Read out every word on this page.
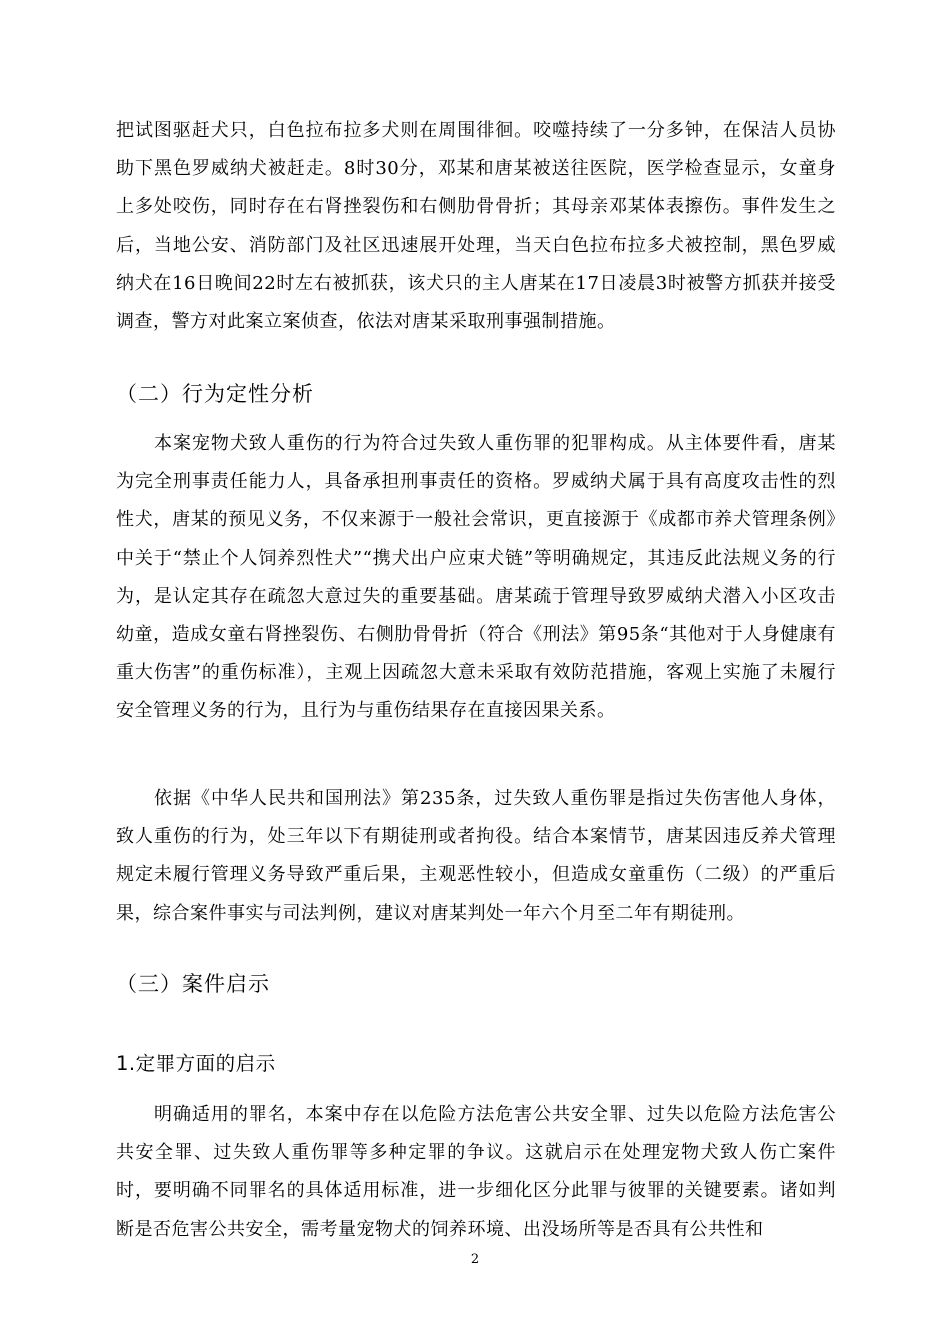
把试图驱赶犬只，白色拉布拉多犬则在周围徘徊。咬噬持续了一分多钟，在保洁人员协助下黑色罗威纳犬被赶走。8时30分，邓某和唐某被送往医院，医学检查显示，女童身上多处咬伤，同时存在右肾挫裂伤和右侧肋骨骨折；其母亲邓某体表擦伤。事件发生之后，当地公安、消防部门及社区迅速展开处理，当天白色拉布拉多犬被控制，黑色罗威纳犬在16日晚间22时左右被抓获，该犬只的主人唐某在17日凌晨3时被警方抓获并接受调查，警方对此案立案侦查，依法对唐某采取刑事强制措施。

（二）行为定性分析

本案宠物犬致人重伤的行为符合过失致人重伤罪的犯罪构成。从主体要件看，唐某为完全刑事责任能力人，具备承担刑事责任的资格。罗威纳犬属于具有高度攻击性的烈性犬，唐某的预见义务，不仅来源于一般社会常识，更直接源于《成都市养犬管理条例》中关于“禁止个人饲养烈性犬”“携犬出户应束犬链”等明确规定，其违反此法规义务的行为，是认定其存在疏忽大意过失的重要基础。唐某疏于管理导致罗威纳犬潜入小区攻击幼童，造成女童右肾挫裂伤、右侧肋骨骨折（符合《刑法》第95条“其他对于人身健康有重大伤害”的重伤标准），主观上因疏忽大意未采取有效防范措施，客观上实施了未履行安全管理义务的行为，且行为与重伤结果存在直接因果关系。

依据《中华人民共和国刑法》第235条，过失致人重伤罪是指过失伤害他人身体，致人重伤的行为，处三年以下有期徒刑或者拘役。结合本案情节，唐某因违反养犬管理规定未履行管理义务导致严重后果，主观恶性较小，但造成女童重伤（二级）的严重后果，综合案件事实与司法判例，建议对唐某判处一年六个月至二年有期徒刑。

（三）案件启示
1.定罪方面的启示

明确适用的罪名，本案中存在以危险方法危害公共安全罪、过失以危险方法危害公共安全罪、过失致人重伤罪等多种定罪的争议。这就启示在处理宠物犬致人伤亡案件时，要明确不同罪名的具体适用标准，进一步细化区分此罪与彼罪的关键要素。诸如判断是否危害公共安全，需考量宠物犬的饲养环境、出没场所等是否具有公共性和

2
